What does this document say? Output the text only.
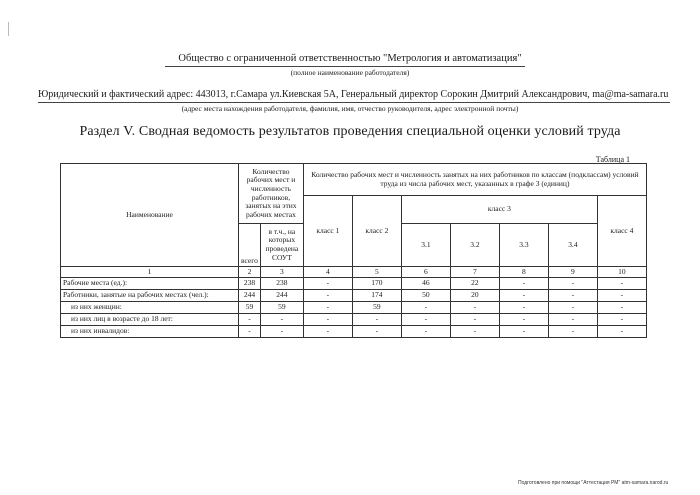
Общество с ограниченной ответственностью "Метрология и автоматизация"
(полное наименование работодателя)
Юридический и фактический адрес: 443013, г.Самара ул.Киевская 5А, Генеральный директор Сорокин Дмитрий Александрович, ma@ma-samara.ru
(адрес места нахождения работодателя, фамилия, имя, отчество руководителя, адрес электронной почты)
Раздел V. Сводная ведомость результатов проведения специальной оценки условий труда
Таблица 1
Наименование	Количество рабочих мест и численность работников, занятых на этих рабочих местах		Количество рабочих мест и численность занятых на них работников по классам (подклассам) условий труда из числа рабочих мест, указанных в графе 3 (единиц)						
			класс 1	класс 2	класс 3				класс 4
	всего	в т.ч., на которых проведена СОУТ			3.1	3.2	3.3	3.4	
1	2	3	4	5	6	7	8	9	10
Рабочие места (ед.):	238	238	-	170	46	22	-	-	-
Работники, занятые на рабочих местах (чел.):	244	244	-	174	50	20	-	-	-
из них женщин:	59	59	-	59	-	-	-	-	-
из них лиц в возрасте до 18 лет:	-	-	-	-	-	-	-	-	-
из них инвалидов:	-	-	-	-	-	-	-	-	-
Подготовлено при помощи "Аттестация РМ" atm-samara.narod.ru
